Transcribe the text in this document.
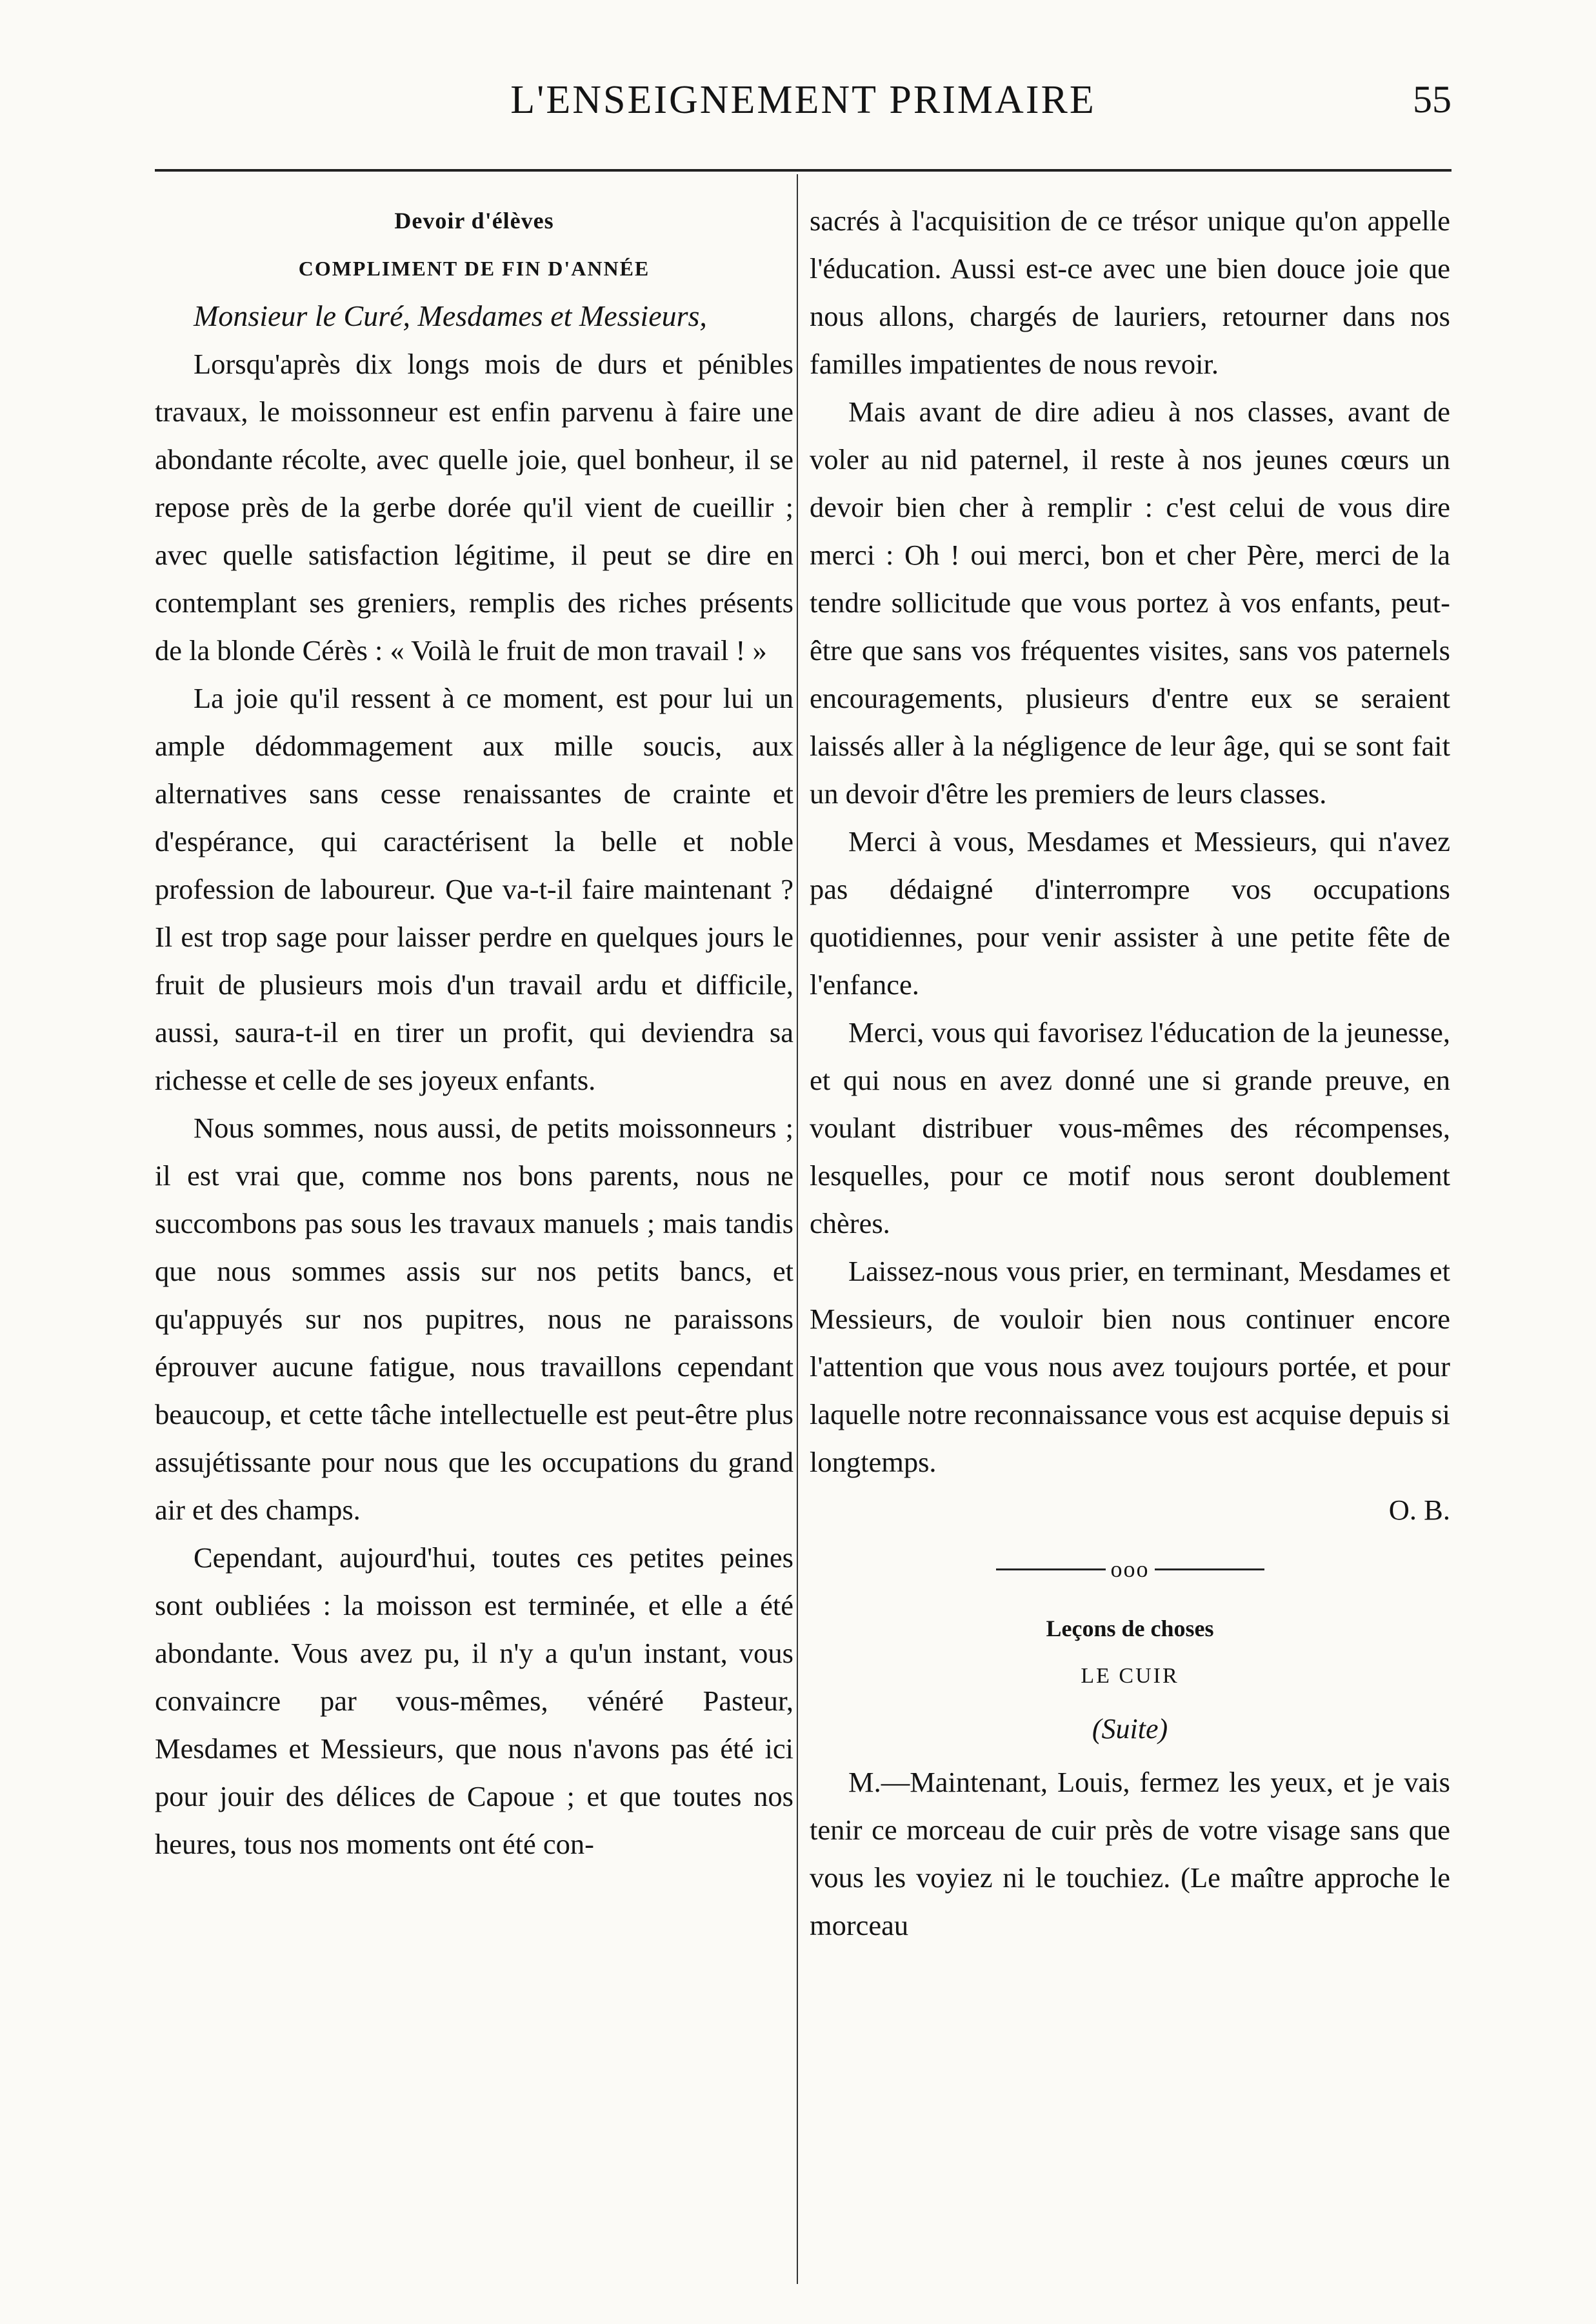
L'ENSEIGNEMENT PRIMAIRE	55
Devoir d'élèves
COMPLIMENT DE FIN D'ANNÉE

Monsieur le Curé, Mesdames et Messieurs,

Lorsqu'après dix longs mois de durs et pénibles travaux, le moissonneur est enfin parvenu à faire une abondante récolte, avec quelle joie, quel bonheur, il se repose près de la gerbe dorée qu'il vient de cueillir ; avec quelle satisfaction légitime, il peut se dire en contemplant ses greniers, remplis des riches présents de la blonde Cérès : « Voilà le fruit de mon travail ! »

La joie qu'il ressent à ce moment, est pour lui un ample dédommagement aux mille soucis, aux alternatives sans cesse renaissantes de crainte et d'espérance, qui caractérisent la belle et noble profession de laboureur. Que va-t-il faire maintenant ? Il est trop sage pour laisser perdre en quelques jours le fruit de plusieurs mois d'un travail ardu et difficile, aussi, saura-t-il en tirer un profit, qui deviendra sa richesse et celle de ses joyeux enfants.

Nous sommes, nous aussi, de petits moissonneurs ; il est vrai que, comme nos bons parents, nous ne succombons pas sous les travaux manuels ; mais tandis que nous sommes assis sur nos petits bancs, et qu'appuyés sur nos pupitres, nous ne paraissons éprouver aucune fatigue, nous travaillons cependant beaucoup, et cette tâche intellectuelle est peut-être plus assujétissante pour nous que les occupations du grand air et des champs.

Cependant, aujourd'hui, toutes ces petites peines sont oubliées : la moisson est terminée, et elle a été abondante. Vous avez pu, il n'y a qu'un instant, vous convaincre par vous-mêmes, vénéré Pasteur, Mesdames et Messieurs, que nous n'avons pas été ici pour jouir des délices de Capoue ; et que toutes nos heures, tous nos moments ont été con-

sacrés à l'acquisition de ce trésor unique qu'on appelle l'éducation. Aussi est-ce avec une bien douce joie que nous allons, chargés de lauriers, retourner dans nos familles impatientes de nous revoir.

Mais avant de dire adieu à nos classes, avant de voler au nid paternel, il reste à nos jeunes cœurs un devoir bien cher à remplir : c'est celui de vous dire merci : Oh ! oui merci, bon et cher Père, merci de la tendre sollicitude que vous portez à vos enfants, peut-être que sans vos fréquentes visites, sans vos paternels encouragements, plusieurs d'entre eux se seraient laissés aller à la négligence de leur âge, qui se sont fait un devoir d'être les premiers de leurs classes.

Merci à vous, Mesdames et Messieurs, qui n'avez pas dédaigné d'interrompre vos occupations quotidiennes, pour venir assister à une petite fête de l'enfance.

Merci, vous qui favorisez l'éducation de la jeunesse, et qui nous en avez donné une si grande preuve, en voulant distribuer vous-mêmes des récompenses, lesquelles, pour ce motif nous seront doublement chères.

Laissez-nous vous prier, en terminant, Mesdames et Messieurs, de vouloir bien nous continuer encore l'attention que vous nous avez toujours portée, et pour laquelle notre reconnaissance vous est acquise depuis si longtemps.

O. B.

ooo
Leçons de choses
LE CUIR
(Suite)

M.—Maintenant, Louis, fermez les yeux, et je vais tenir ce morceau de cuir près de votre visage sans que vous les voyiez ni le touchiez. (Le maître approche le morceau
